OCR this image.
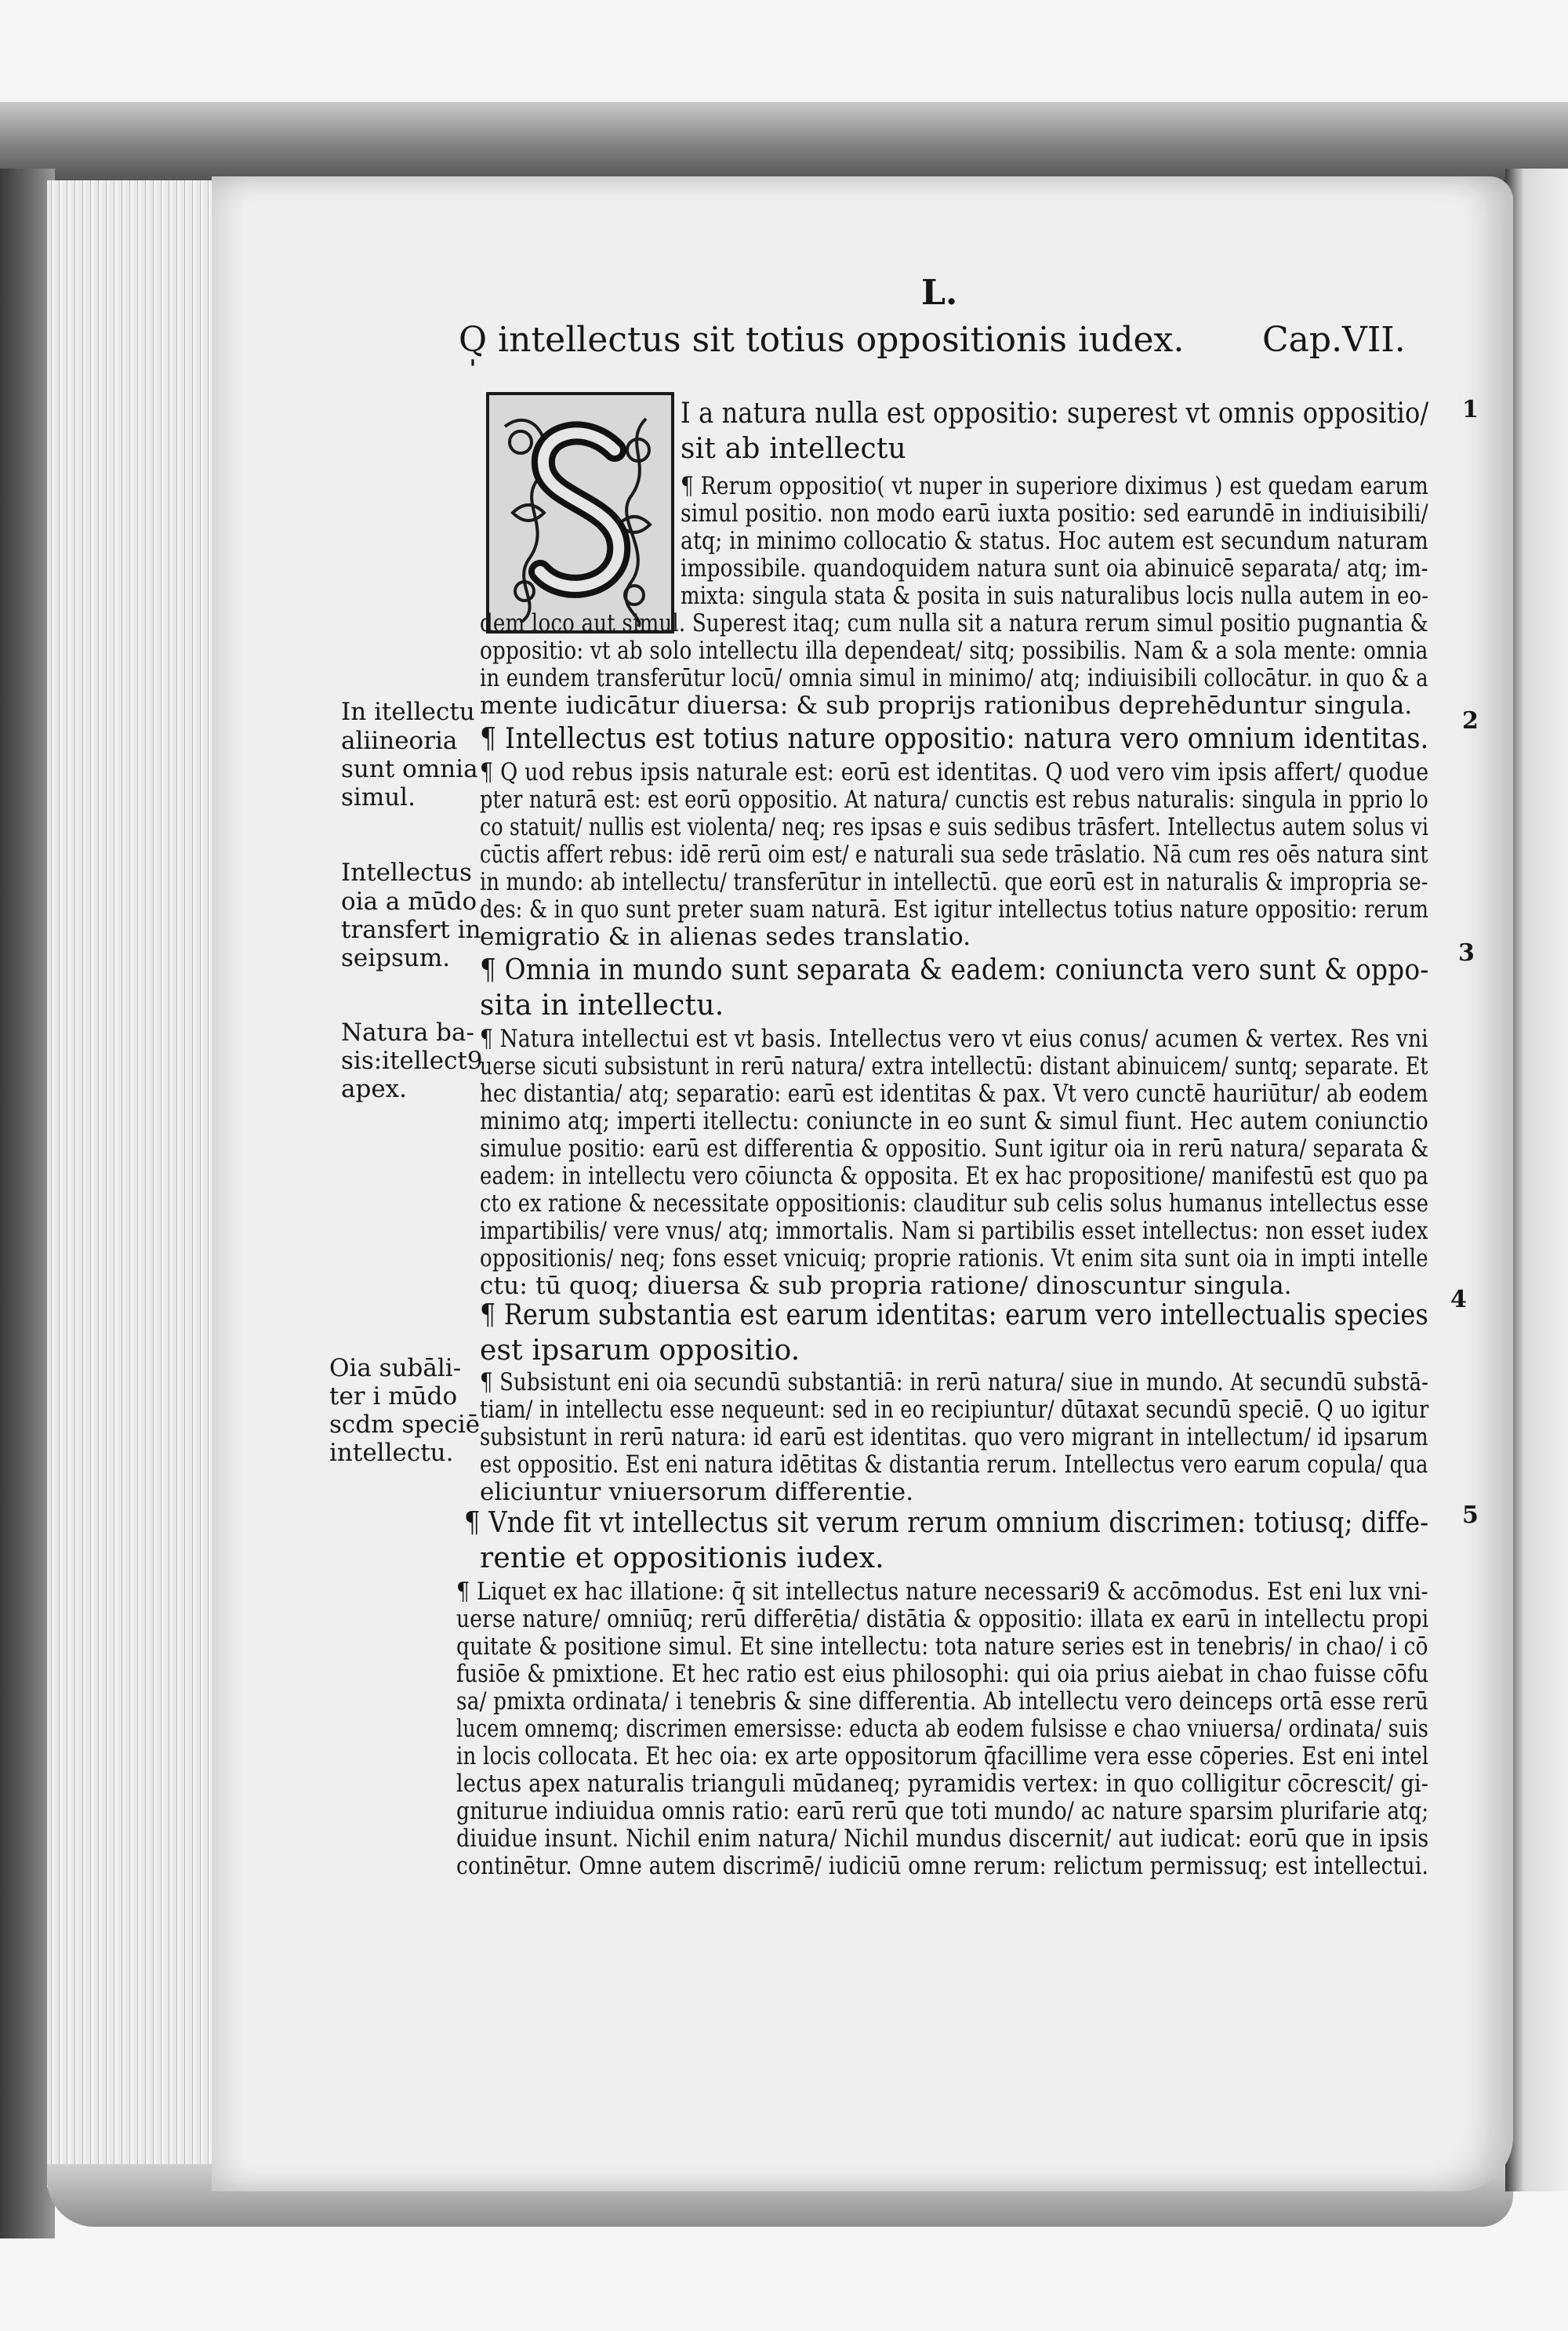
L.
Q̩ intellectus sit totius oppositionis iudex. Cap.VII.
1
2
3
4
5
In itellectu
aliineoria
sunt omnia
simul.
Intellectus
oia a mūdo
transfert in
seipsum.
Natura ba-
sis:itellect9
apex.
Oia subāli-
ter i mūdo
scdm speciē
intellectu.
I a natura nulla est oppositio: superest vt omnis oppositio/
sit ab intellectu
¶ Rerum oppositio( vt nuper in superiore diximus ) est quedam earum
simul positio. non modo earū iuxta positio: sed earundē in indiuisibili/
atq; in minimo collocatio & status. Hoc autem est secundum naturam
impossibile. quandoquidem natura sunt oia abinuicē separata/ atq; im-
mixta: singula stata & posita in suis naturalibus locis nulla autem in eo-
dem loco aut simul. Superest itaq; cum nulla sit a natura rerum simul positio pugnantia &
oppositio: vt ab solo intellectu illa dependeat/ sitq; possibilis. Nam & a sola mente: omnia
in eundem transferūtur locū/ omnia simul in minimo/ atq; indiuisibili collocātur. in quo & a
mente iudicātur diuersa: & sub proprijs rationibus deprehēduntur singula.
¶ Intellectus est totius nature oppositio: natura vero omnium identitas.
¶ Q uod rebus ipsis naturale est: eorū est identitas. Q uod vero vim ipsis affert/ quodue
pter naturā est: est eorū oppositio. At natura/ cunctis est rebus naturalis: singula in pprio lo
co statuit/ nullis est violenta/ neq; res ipsas e suis sedibus trāsfert. Intellectus autem solus vi
cūctis affert rebus: idē rerū oim est/ e naturali sua sede trāslatio. Nā cum res oēs natura sint
in mundo: ab intellectu/ transferūtur in intellectū. que eorū est in naturalis & impropria se-
des: & in quo sunt preter suam naturā. Est igitur intellectus totius nature oppositio: rerum
emigratio & in alienas sedes translatio.
¶ Omnia in mundo sunt separata & eadem: coniuncta vero sunt & oppo-
sita in intellectu.
¶ Natura intellectui est vt basis. Intellectus vero vt eius conus/ acumen & vertex. Res vni
uerse sicuti subsistunt in rerū natura/ extra intellectū: distant abinuicem/ suntq; separate. Et
hec distantia/ atq; separatio: earū est identitas & pax. Vt vero cunctē hauriūtur/ ab eodem
minimo atq; imperti itellectu: coniuncte in eo sunt & simul fiunt. Hec autem coniunctio
simulue positio: earū est differentia & oppositio. Sunt igitur oia in rerū natura/ separata &
eadem: in intellectu vero cōiuncta & opposita. Et ex hac propositione/ manifestū est quo pa
cto ex ratione & necessitate oppositionis: clauditur sub celis solus humanus intellectus esse
impartibilis/ vere vnus/ atq; immortalis. Nam si partibilis esset intellectus: non esset iudex
oppositionis/ neq; fons esset vnicuiq; proprie rationis. Vt enim sita sunt oia in impti intelle
ctu: tū quoq; diuersa & sub propria ratione/ dinoscuntur singula.
¶ Rerum substantia est earum identitas: earum vero intellectualis species
est ipsarum oppositio.
¶ Subsistunt eni oia secundū substantiā: in rerū natura/ siue in mundo. At secundū substā-
tiam/ in intellectu esse nequeunt: sed in eo recipiuntur/ dūtaxat secundū speciē. Q uo igitur
subsistunt in rerū natura: id earū est identitas. quo vero migrant in intellectum/ id ipsarum
est oppositio. Est eni natura idētitas & distantia rerum. Intellectus vero earum copula/ qua
eliciuntur vniuersorum differentie.
¶ Vnde fit vt intellectus sit verum rerum omnium discrimen: totiusq; diffe-
rentie et oppositionis iudex.
¶ Liquet ex hac illatione: q̄ sit intellectus nature necessari9 & accōmodus. Est eni lux vni-
uerse nature/ omniūq; rerū differētia/ distātia & oppositio: illata ex earū in intellectu propi
quitate & positione simul. Et sine intellectu: tota nature series est in tenebris/ in chao/ i cō
fusiōe & pmixtione. Et hec ratio est eius philosophi: qui oia prius aiebat in chao fuisse cōfu
sa/ pmixta ordinata/ i tenebris & sine differentia. Ab intellectu vero deinceps ortā esse rerū
lucem omnemq; discrimen emersisse: educta ab eodem fulsisse e chao vniuersa/ ordinata/ suis
in locis collocata. Et hec oia: ex arte oppositorum q̄facillime vera esse cōperies. Est eni intel
lectus apex naturalis trianguli mūdaneq; pyramidis vertex: in quo colligitur cōcrescit/ gi-
gniturue indiuidua omnis ratio: earū rerū que toti mundo/ ac nature sparsim plurifarie atq;
diuidue insunt. Nichil enim natura/ Nichil mundus discernit/ aut iudicat: eorū que in ipsis
continētur. Omne autem discrimē/ iudiciū omne rerum: relictum permissuq; est intellectui.
